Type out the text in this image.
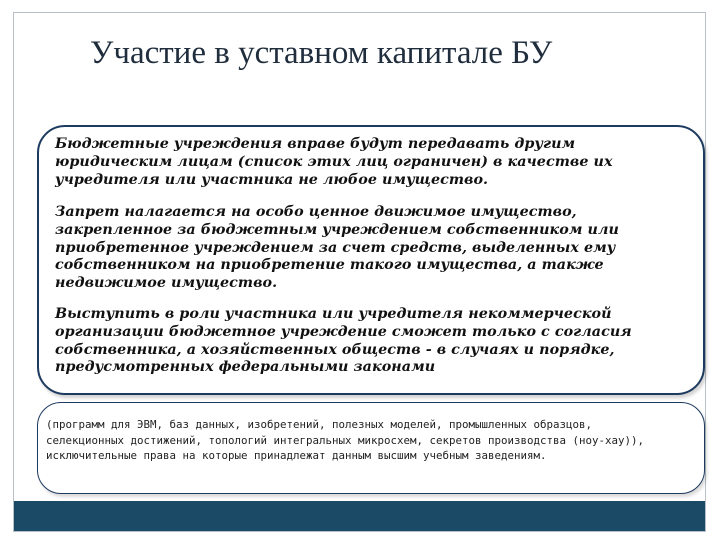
Участие в уставном капитале БУ

Бюджетные учреждения вправе будут передавать другим
юридическим лицам (список этих лиц ограничен) в качестве их
учредителя или участника не любое имущество.

Запрет налагается на особо ценное движимое имущество,
закрепленное за бюджетным учреждением собственником или
приобретенное учреждением за счет средств, выделенных ему
собственником на приобретение такого имущества, а также
недвижимое имущество.

Выступить в роли участника или учредителя некоммерческой
организации бюджетное учреждение сможет только с согласия
собственника, а хозяйственных обществ - в случаях и порядке,
предусмотренных федеральными законами

(программ для ЭВМ, баз данных, изобретений, полезных моделей, промышленных образцов,
селекционных достижений, топологий интегральных микросхем, секретов производства (ноу-хау)),
исключительные права на которые принадлежат данным высшим учебным заведениям.
